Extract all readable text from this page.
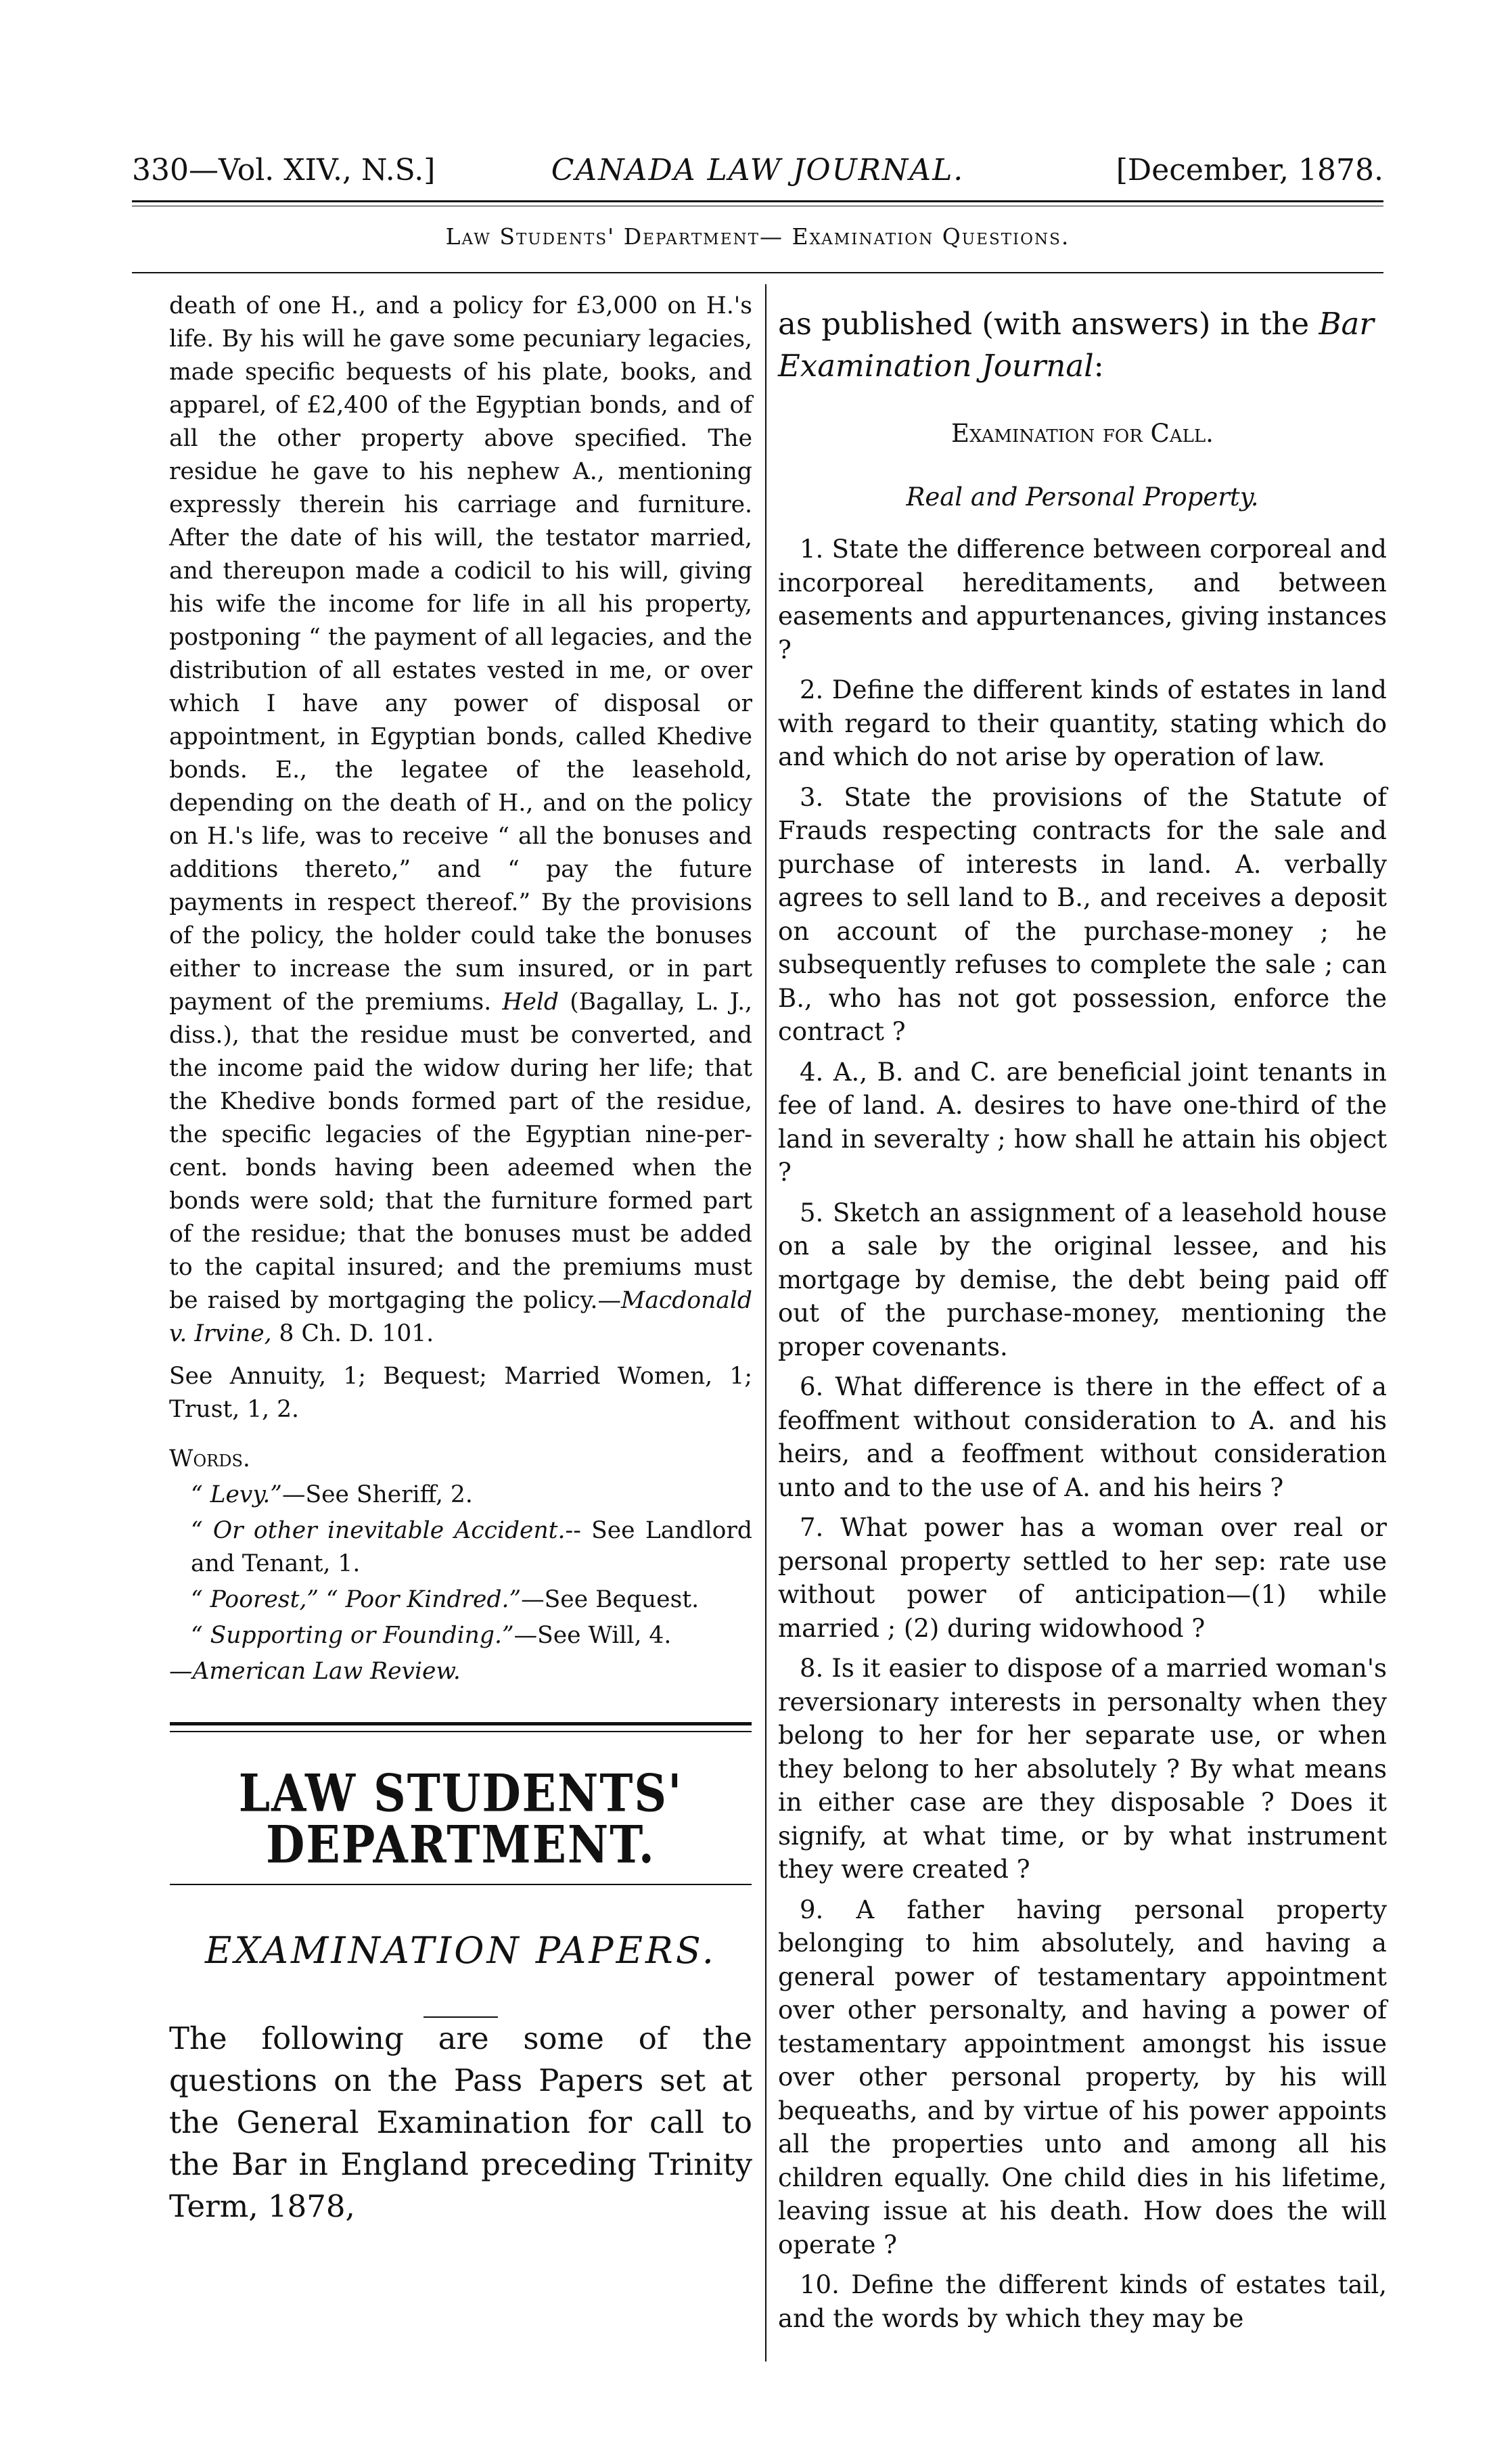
330—Vol. XIV., N.S.]	CANADA LAW JOURNAL.	[December, 1878.
Law Students' Department— Examination Questions.

death of one H., and a policy for £3,000 on H.'s life. By his will he gave some pecuniary legacies, made specific bequests of his plate, books, and apparel, of £2,400 of the Egyptian bonds, and of all the other property above specified. The residue he gave to his nephew A., mentioning expressly therein his carriage and furniture. After the date of his will, the testator married, and thereupon made a codicil to his will, giving his wife the income for life in all his property, postponing “ the payment of all legacies, and the distribution of all estates vested in me, or over which I have any power of disposal or appointment, in Egyptian bonds, called Khedive bonds. E., the legatee of the leasehold, depending on the death of H., and on the policy on H.'s life, was to receive “ all the bonuses and additions thereto,” and “ pay the future payments in respect thereof.” By the provisions of the policy, the holder could take the bonuses either to increase the sum insured, or in part payment of the premiums. Held (Bagallay, L. J., diss.), that the residue must be converted, and the income paid the widow during her life; that the Khedive bonds formed part of the residue, the specific legacies of the Egyptian nine-per-cent. bonds having been adeemed when the bonds were sold; that the furniture formed part of the residue; that the bonuses must be added to the capital insured; and the premiums must be raised by mortgaging the policy.—Macdonald v. Irvine, 8 Ch. D. 101.

See Annuity, 1; Bequest; Married Women, 1; Trust, 1, 2.

Words.

“ Levy.”—See Sheriff, 2.

“ Or other inevitable Accident.-- See Landlord and Tenant, 1.

“ Poorest,” “ Poor Kindred.”—See Bequest.

“ Supporting or Founding.”—See Will, 4.

—American Law Review.

LAW STUDENTS' DEPARTMENT.
EXAMINATION PAPERS.

The following are some of the questions on the Pass Papers set at the General Examination for call to the Bar in England preceding Trinity Term, 1878,

as published (with answers) in the Bar Examination Journal:

Examination for Call.

Real and Personal Property.

1. State the difference between corporeal and incorporeal hereditaments, and between easements and appurtenances, giving instances ?

2. Define the different kinds of estates in land with regard to their quantity, stating which do and which do not arise by operation of law.

3. State the provisions of the Statute of Frauds respecting contracts for the sale and purchase of interests in land. A. verbally agrees to sell land to B., and receives a deposit on account of the purchase-money ; he subsequently refuses to complete the sale ; can B., who has not got possession, enforce the contract ?

4. A., B. and C. are beneficial joint tenants in fee of land. A. desires to have one-third of the land in severalty ; how shall he attain his object ?

5. Sketch an assignment of a leasehold house on a sale by the original lessee, and his mortgage by demise, the debt being paid off out of the purchase-money, mentioning the proper covenants.

6. What difference is there in the effect of a feoffment without consideration to A. and his heirs, and a feoffment without consideration unto and to the use of A. and his heirs ?

7. What power has a woman over real or personal property settled to her sep: rate use without power of anticipation—(1) while married ; (2) during widowhood ?

8. Is it easier to dispose of a married woman's reversionary interests in personalty when they belong to her for her separate use, or when they belong to her absolutely ? By what means in either case are they disposable ? Does it signify, at what time, or by what instrument they were created ?

9. A father having personal property belonging to him absolutely, and having a general power of testamentary appointment over other personalty, and having a power of testamentary appointment amongst his issue over other personal property, by his will bequeaths, and by virtue of his power appoints all the properties unto and among all his children equally. One child dies in his lifetime, leaving issue at his death. How does the will operate ?

10. Define the different kinds of estates tail, and the words by which they may be
